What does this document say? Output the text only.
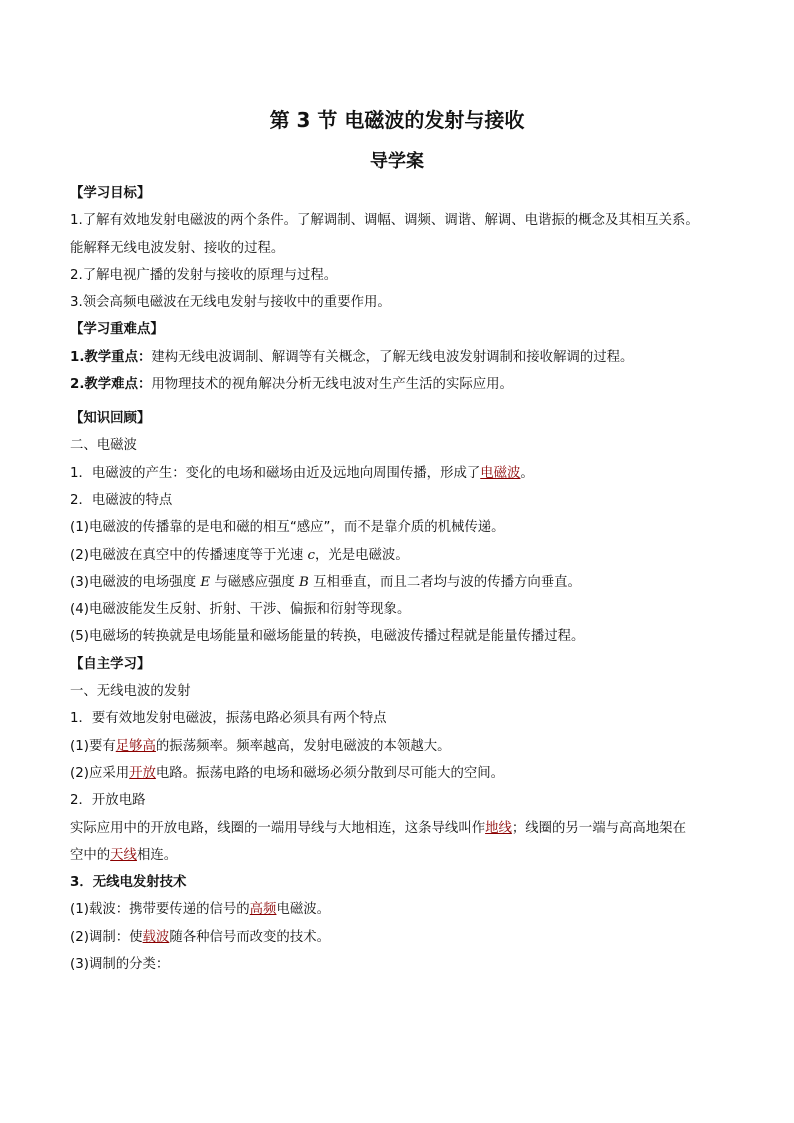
第 3 节 电磁波的发射与接收
导学案
【学习目标】
1.了解有效地发射电磁波的两个条件。了解调制、调幅、调频、调谐、解调、电谐振的概念及其相互关系。
能解释无线电波发射、接收的过程。
2.了解电视广播的发射与接收的原理与过程。
3.领会高频电磁波在无线电发射与接收中的重要作用。
【学习重难点】
1.教学重点：建构无线电波调制、解调等有关概念，了解无线电波发射调制和接收解调的过程。
2.教学难点：用物理技术的视角解决分析无线电波对生产生活的实际应用。
【知识回顾】
二、电磁波
1．电磁波的产生：变化的电场和磁场由近及远地向周围传播，形成了电磁波。
2．电磁波的特点
(1)电磁波的传播靠的是电和磁的相互“感应”，而不是靠介质的机械传递。
(2)电磁波在真空中的传播速度等于光速 c，光是电磁波。
(3)电磁波的电场强度 E 与磁感应强度 B 互相垂直，而且二者均与波的传播方向垂直。
(4)电磁波能发生反射、折射、干涉、偏振和衍射等现象。
(5)电磁场的转换就是电场能量和磁场能量的转换，电磁波传播过程就是能量传播过程。
【自主学习】
一、无线电波的发射
1．要有效地发射电磁波，振荡电路必须具有两个特点
(1)要有足够高的振荡频率。频率越高，发射电磁波的本领越大。
(2)应采用开放电路。振荡电路的电场和磁场必须分散到尽可能大的空间。
2．开放电路
实际应用中的开放电路，线圈的一端用导线与大地相连，这条导线叫作地线；线圈的另一端与高高地架在
空中的天线相连。
3．无线电发射技术
(1)载波：携带要传递的信号的高频电磁波。
(2)调制：使载波随各种信号而改变的技术。
(3)调制的分类：
